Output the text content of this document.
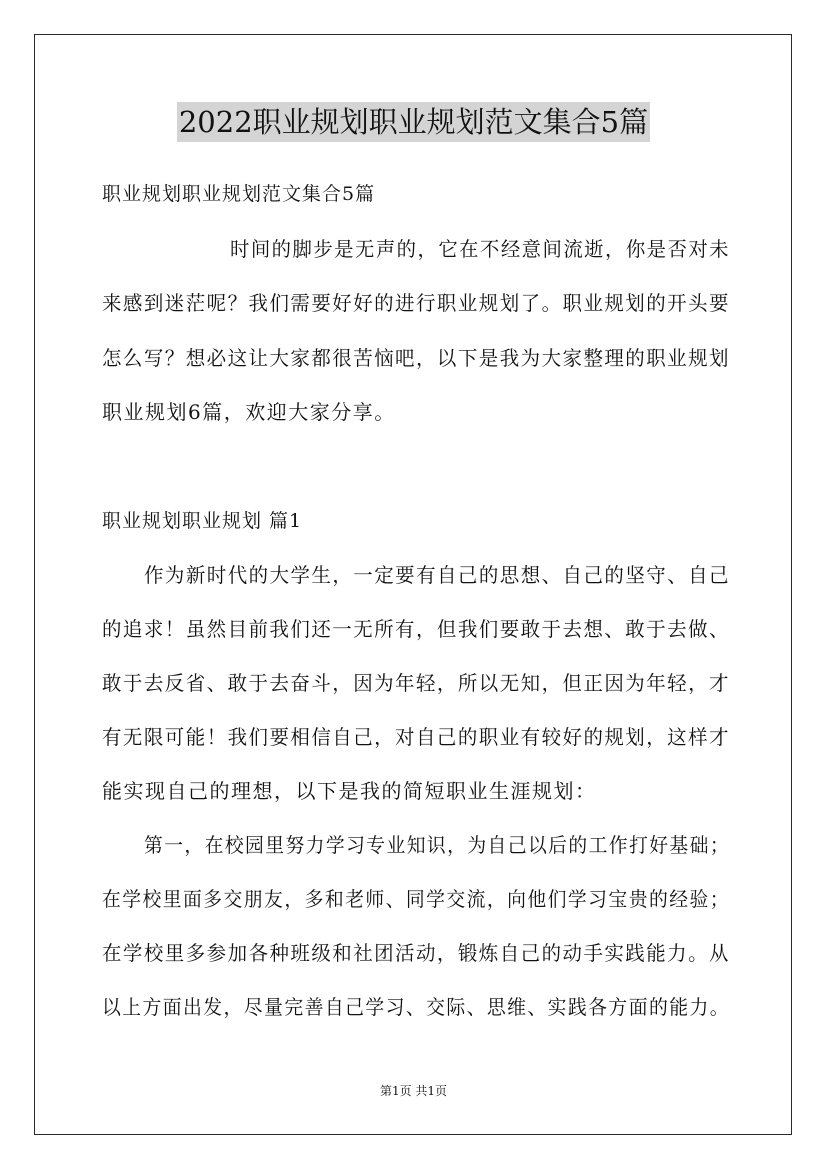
2022职业规划职业规划范文集合5篇
职业规划职业规划范文集合5篇
时间的脚步是无声的，它在不经意间流逝，你是否对未
来感到迷茫呢？我们需要好好的进行职业规划了。职业规划的开头要
怎么写？想必这让大家都很苦恼吧，以下是我为大家整理的职业规划
职业规划6篇，欢迎大家分享。
职业规划职业规划 篇1
作为新时代的大学生，一定要有自己的思想、自己的坚守、自己
的追求！虽然目前我们还一无所有，但我们要敢于去想、敢于去做、
敢于去反省、敢于去奋斗，因为年轻，所以无知，但正因为年轻，才
有无限可能！我们要相信自己，对自己的职业有较好的规划，这样才
能实现自己的理想，以下是我的简短职业生涯规划：
第一，在校园里努力学习专业知识，为自己以后的工作打好基础；
在学校里面多交朋友，多和老师、同学交流，向他们学习宝贵的经验；
在学校里多参加各种班级和社团活动，锻炼自己的动手实践能力。从
以上方面出发，尽量完善自己学习、交际、思维、实践各方面的能力。
第1页 共1页
